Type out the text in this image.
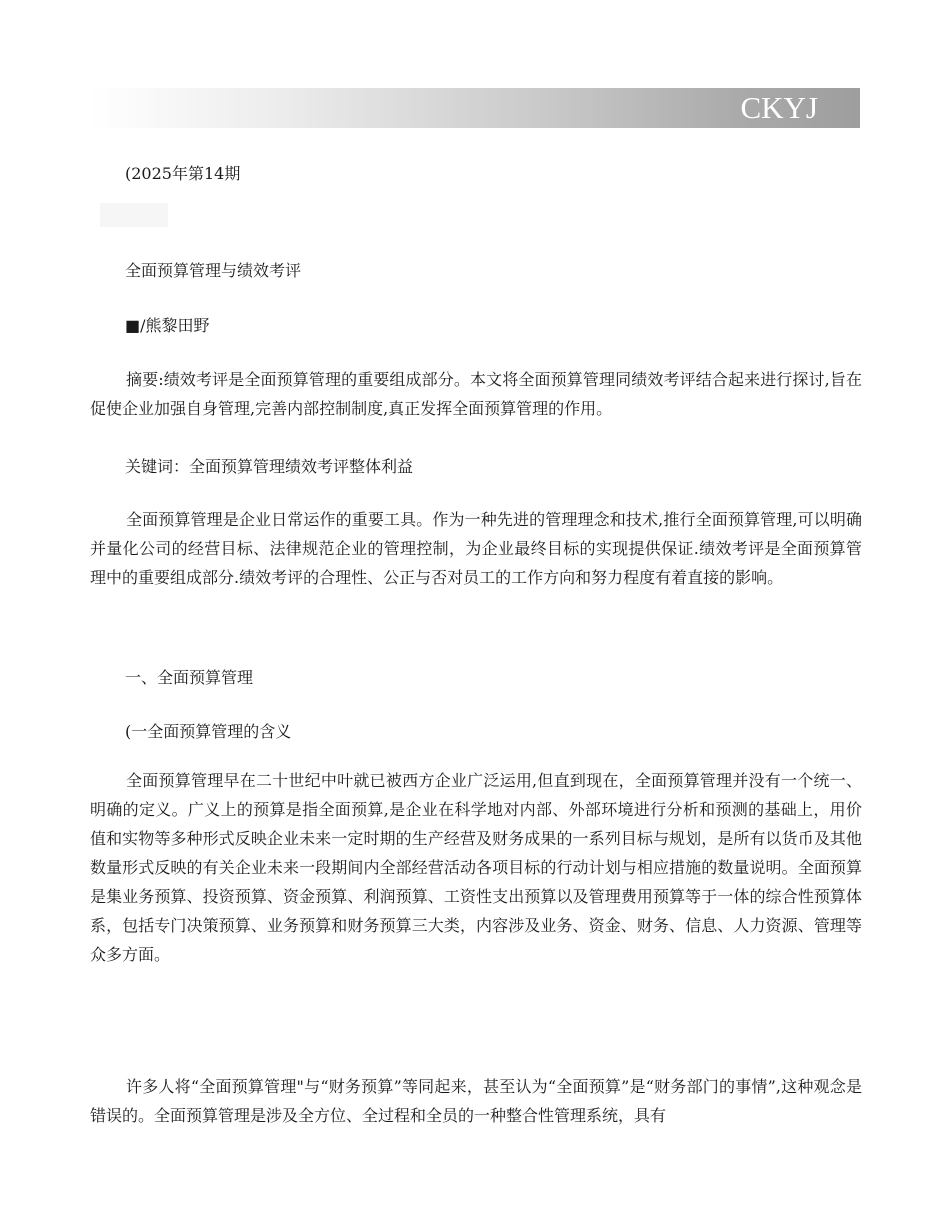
CKYJ
(2025年第14期
全面预算管理与绩效考评
■/熊黎田野
摘要:绩效考评是全面预算管理的重要组成部分。本文将全面预算管理同绩效考评结合起来进行探讨,旨在促使企业加强自身管理,完善内部控制制度,真正发挥全面预算管理的作用。
关键词：全面预算管理绩效考评整体利益
全面预算管理是企业日常运作的重要工具。作为一种先进的管理理念和技术,推行全面预算管理,可以明确并量化公司的经营目标、法律规范企业的管理控制，为企业最终目标的实现提供保证.绩效考评是全面预算管理中的重要组成部分.绩效考评的合理性、公正与否对员工的工作方向和努力程度有着直接的影响。
一、全面预算管理
(一全面预算管理的含义
全面预算管理早在二十世纪中叶就已被西方企业广泛运用,但直到现在，全面预算管理并没有一个统一、明确的定义。广义上的预算是指全面预算,是企业在科学地对内部、外部环境进行分析和预测的基础上，用价值和实物等多种形式反映企业未来一定时期的生产经营及财务成果的一系列目标与规划，是所有以货币及其他数量形式反映的有关企业未来一段期间内全部经营活动各项目标的行动计划与相应措施的数量说明。全面预算是集业务预算、投资预算、资金预算、利润预算、工资性支出预算以及管理费用预算等于一体的综合性预算体系，包括专门决策预算、业务预算和财务预算三大类，内容涉及业务、资金、财务、信息、人力资源、管理等众多方面。
许多人将“全面预算管理"与“财务预算”等同起来，甚至认为“全面预算”是“财务部门的事情”,这种观念是错误的。全面预算管理是涉及全方位、全过程和全员的一种整合性管理系统，具有
